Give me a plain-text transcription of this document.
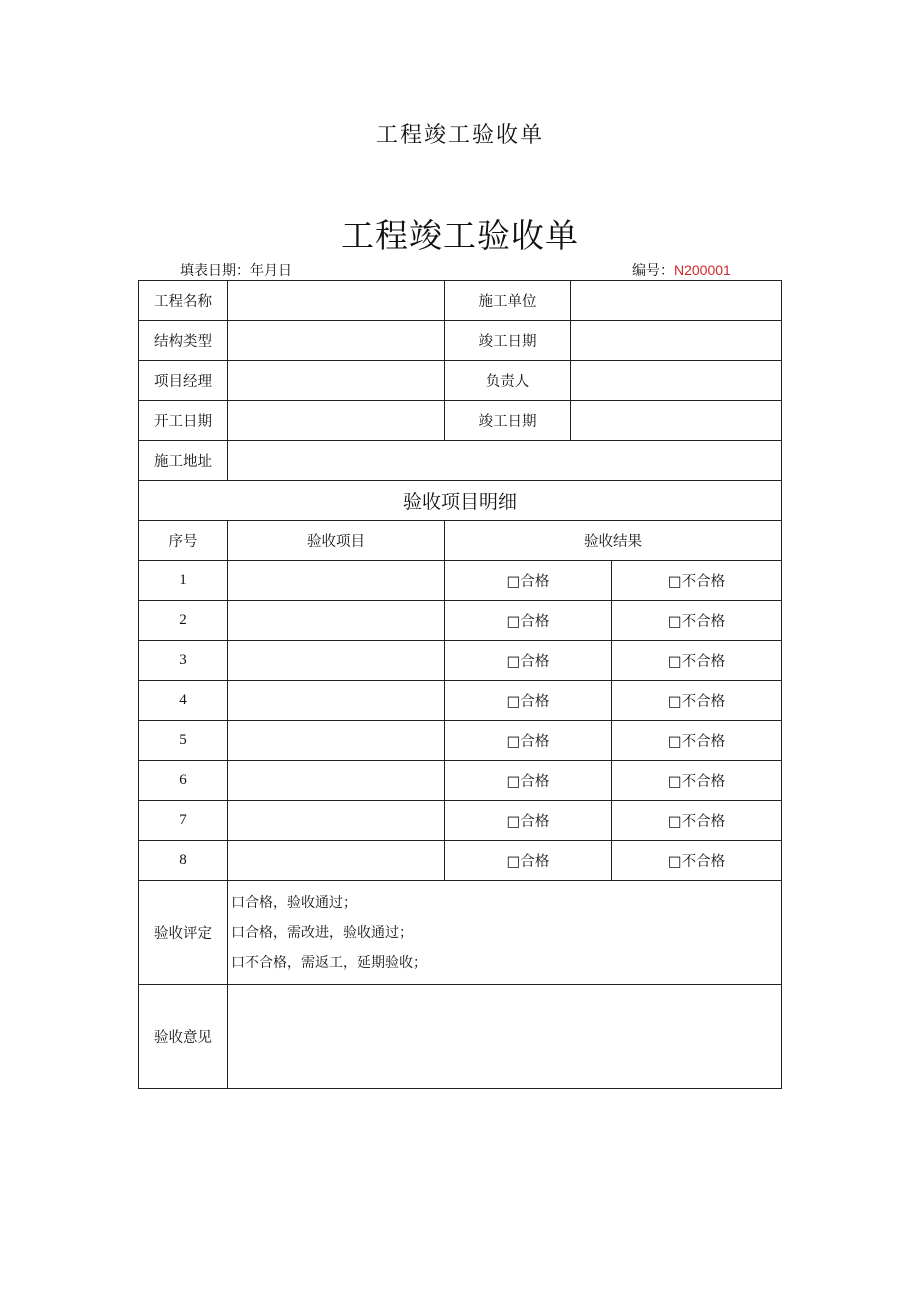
工程竣工验收单
工程竣工验收单
填表日期：年月日	编号：N200001
工程名称		施工单位		
结构类型		竣工日期		
项目经理		负责人		
开工日期		竣工日期		
施工地址				
验收项目明细				
序号	验收项目	验收结果		
1		□合格		□不合格
2		□合格		□不合格
3		□合格		□不合格
4		□合格		□不合格
5		□合格		□不合格
6		□合格		□不合格
7		□合格		□不合格
8		□合格		□不合格
验收评定	口合格，验收通过；
口合格，需改进，验收通过；
口不合格，需返工，延期验收；			

验收意见				
